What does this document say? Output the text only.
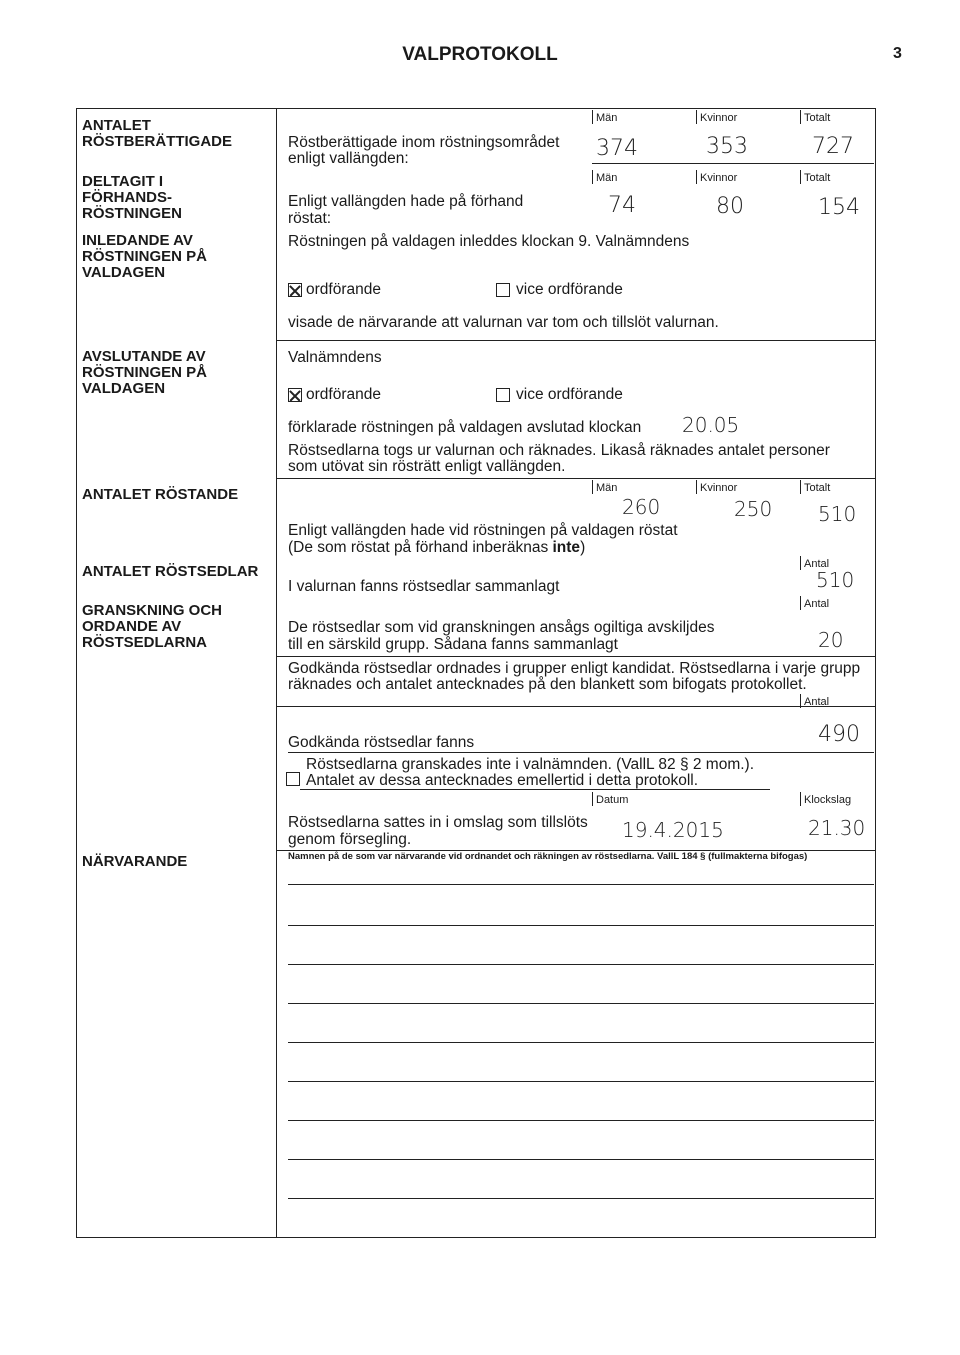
VALPROTOKOLL	3
ANTALET RÖSTBERÄTTIGADE
DELTAGIT I FÖRHANDS-RÖSTNINGEN
INLEDANDE AV RÖSTNINGEN PÅ VALDAGEN
AVSLUTANDE AV RÖSTNINGEN PÅ VALDAGEN
ANTALET RÖSTANDE
ANTALET RÖSTSEDLAR
GRANSKNING OCH ORDANDE AV RÖSTSEDLARNA
NÄRVARANDE
Män	Kvinnor	Totalt
Röstberättigade inom röstningsområdet
enligt vallängden:	374	353	727
Män	Kvinnor	Totalt
Enligt vallängden hade på förhand
röstat:
74	80	154
Röstningen på valdagen inleddes klockan 9. Valnämndens
ordförande	vice ordförande
visade de närvarande att valurnan var tom och tillslöt valurnan.
Valnämndens
ordförande	vice ordförande
förklarade röstningen på valdagen avslutad klockan 20.05
Röstsedlarna togs ur valurnan och räknades. Likaså räknades antalet personer
som utövat sin rösträtt enligt vallängden.
Män	Kvinnor	Totalt
260	250 510
Enligt vallängden hade vid röstningen på valdagen röstat
(De som röstat på förhand inberäknas inte)
Antal
I valurnan fanns röstsedlar sammanlagt	510
Antal
De röstsedlar som vid granskningen ansågs ogiltiga avskiljdes
till en särskild grupp. Sådana fanns sammanlagt	20
Godkända röstsedlar ordnades i grupper enligt kandidat. Röstsedlarna i varje grupp
räknades och antalet antecknades på den blankett som bifogats protokollet.
Antal
Godkända röstsedlar fanns	490
Röstsedlarna granskades inte i valnämnden. (VallL 82 § 2 mom.).
Antalet av dessa antecknades emellertid i detta protokoll.
Datum	Klockslag
Röstsedlarna sattes in i omslag som tillslöts
genom försegling.	19.4.2015	21.30
Namnen på de som var närvarande vid ordnandet och räkningen av röstsedlarna. VallL 184 § (fullmakterna bifogas)
